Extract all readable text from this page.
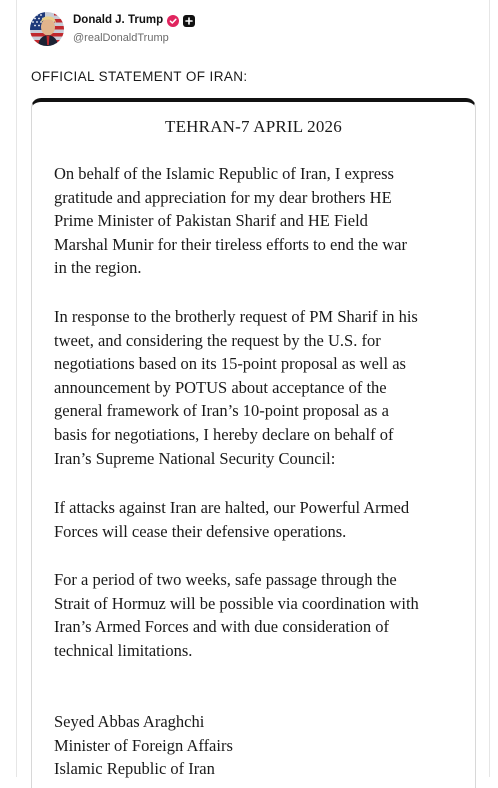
Donald J. Trump
@realDonaldTrump
OFFICIAL STATEMENT OF IRAN:
TEHRAN-7 APRIL 2026

On behalf of the Islamic Republic of Iran, I express
gratitude and appreciation for my dear brothers HE
Prime Minister of Pakistan Sharif and HE Field
Marshal Munir for their tireless efforts to end the war
in the region.

In response to the brotherly request of PM Sharif in his
tweet, and considering the request by the U.S. for
negotiations based on its 15-point proposal as well as
announcement by POTUS about acceptance of the
general framework of Iran’s 10-point proposal as a
basis for negotiations, I hereby declare on behalf of
Iran’s Supreme National Security Council:

If attacks against Iran are halted, our Powerful Armed
Forces will cease their defensive operations.

For a period of two weeks, safe passage through the
Strait of Hormuz will be possible via coordination with
Iran’s Armed Forces and with due consideration of
technical limitations.

Seyed Abbas Araghchi
Minister of Foreign Affairs
Islamic Republic of Iran
